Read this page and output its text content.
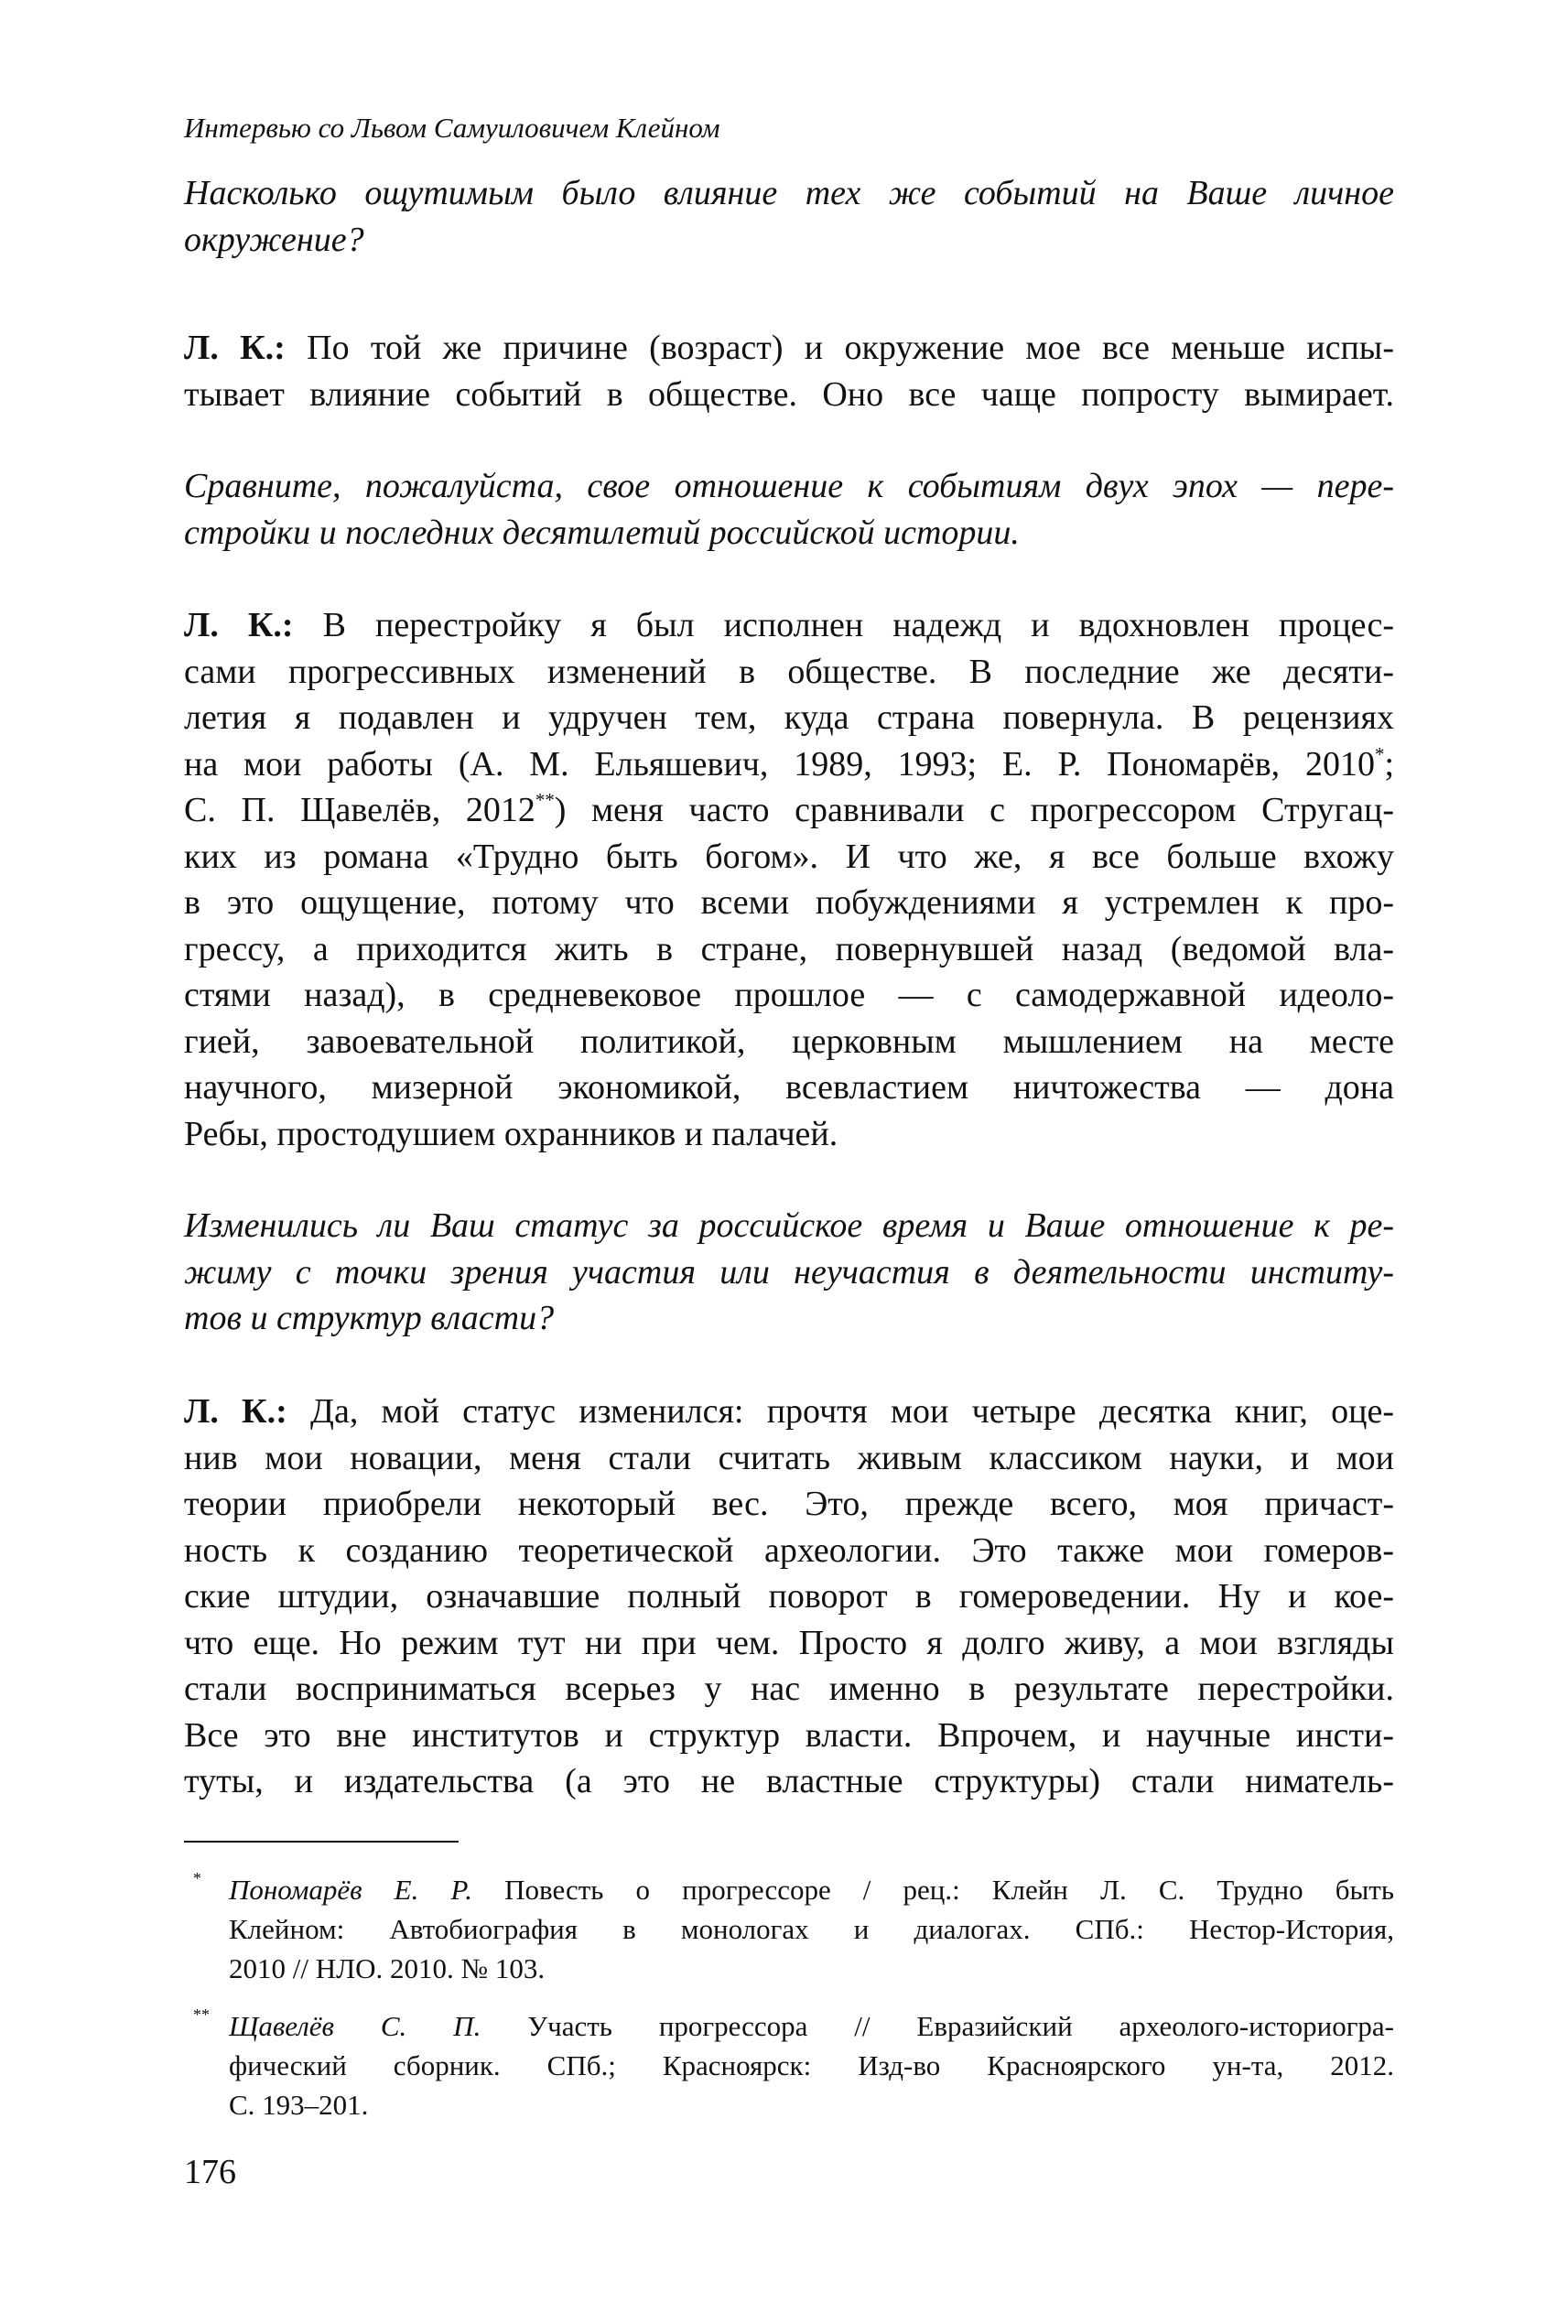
Интервью со Львом Самуиловичем Клейном
Насколько ощутимым было влияние тех же событий на Ваше личное
окружение?
Л. К.: По той же причине (возраст) и окружение мое все меньше испы-
тывает влияние событий в обществе. Оно все чаще попросту вымирает.
Сравните, пожалуйста, свое отношение к событиям двух эпох — пере-
стройки и последних десятилетий российской истории.
Л. К.: В перестройку я был исполнен надежд и вдохновлен процес-
сами прогрессивных изменений в обществе. В последние же десяти-
летия я подавлен и удручен тем, куда страна повернула. В рецензиях
на мои работы (А. М. Ельяшевич, 1989, 1993; Е. Р. Пономарёв, 2010*;
С. П. Щавелёв, 2012**) меня часто сравнивали с прогрессором Стругац-
ких из романа «Трудно быть богом». И что же, я все больше вхожу
в это ощущение, потому что всеми побуждениями я устремлен к про-
грессу, а приходится жить в стране, повернувшей назад (ведомой вла-
стями назад), в средневековое прошлое — с самодержавной идеоло-
гией, завоевательной политикой, церковным мышлением на месте
научного, мизерной экономикой, всевластием ничтожества — дона
Ребы, простодушием охранников и палачей.
Изменились ли Ваш статус за российское время и Ваше отношение к ре-
жиму с точки зрения участия или неучастия в деятельности институ-
тов и структур власти?
Л. К.: Да, мой статус изменился: прочтя мои четыре десятка книг, оце-
нив мои новации, меня стали считать живым классиком науки, и мои
теории приобрели некоторый вес. Это, прежде всего, моя причаст-
ность к созданию теоретической археологии. Это также мои гомеров-
ские штудии, означавшие полный поворот в гомероведении. Ну и кое-
что еще. Но режим тут ни при чем. Просто я долго живу, а мои взгляды
стали восприниматься всерьез у нас именно в результате перестройки.
Все это вне институтов и структур власти. Впрочем, и научные инсти-
туты, и издательства (а это не властные структуры) стали ниматель-
* Пономарёв Е. Р. Повесть о прогрессоре / рец.: Клейн Л. С. Трудно быть
Клейном: Автобиография в монологах и диалогах. СПб.: Нестор-История,
2010 // НЛО. 2010. № 103.
** Щавелёв С. П. Участь прогрессора // Евразийский археолого-историогра-
фический сборник. СПб.; Красноярск: Изд-во Красноярского ун-та, 2012.
С. 193–201.
176
